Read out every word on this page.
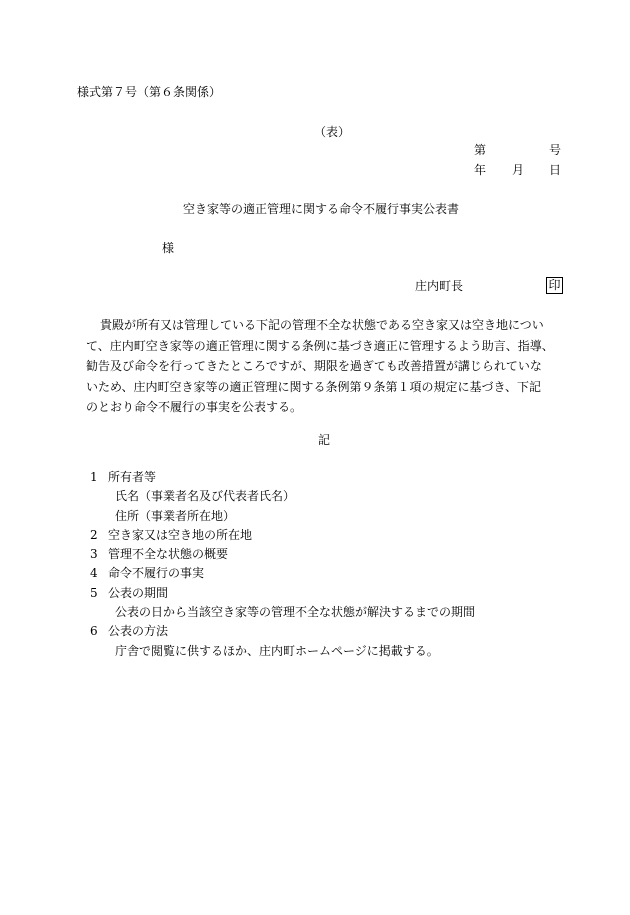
様式第７号（第６条関係）
（表）
第	号
年 月 日
空き家等の適正管理に関する命令不履行事実公表書
様
庄内町長	印
貴殿が所有又は管理している下記の管理不全な状態である空き家又は空き地につい
て、庄内町空き家等の適正管理に関する条例に基づき適正に管理するよう助言、指導、
勧告及び命令を行ってきたところですが、期限を過ぎても改善措置が講じられていな
いため、庄内町空き家等の適正管理に関する条例第９条第１項の規定に基づき、下記
のとおり命令不履行の事実を公表する。
記
1 所有者等
氏名（事業者名及び代表者氏名）
住所（事業者所在地）
2 空き家又は空き地の所在地
3 管理不全な状態の概要
4 命令不履行の事実
5 公表の期間
公表の日から当該空き家等の管理不全な状態が解決するまでの期間
6 公表の方法
庁舎で閲覧に供するほか、庄内町ホームページに掲載する。
